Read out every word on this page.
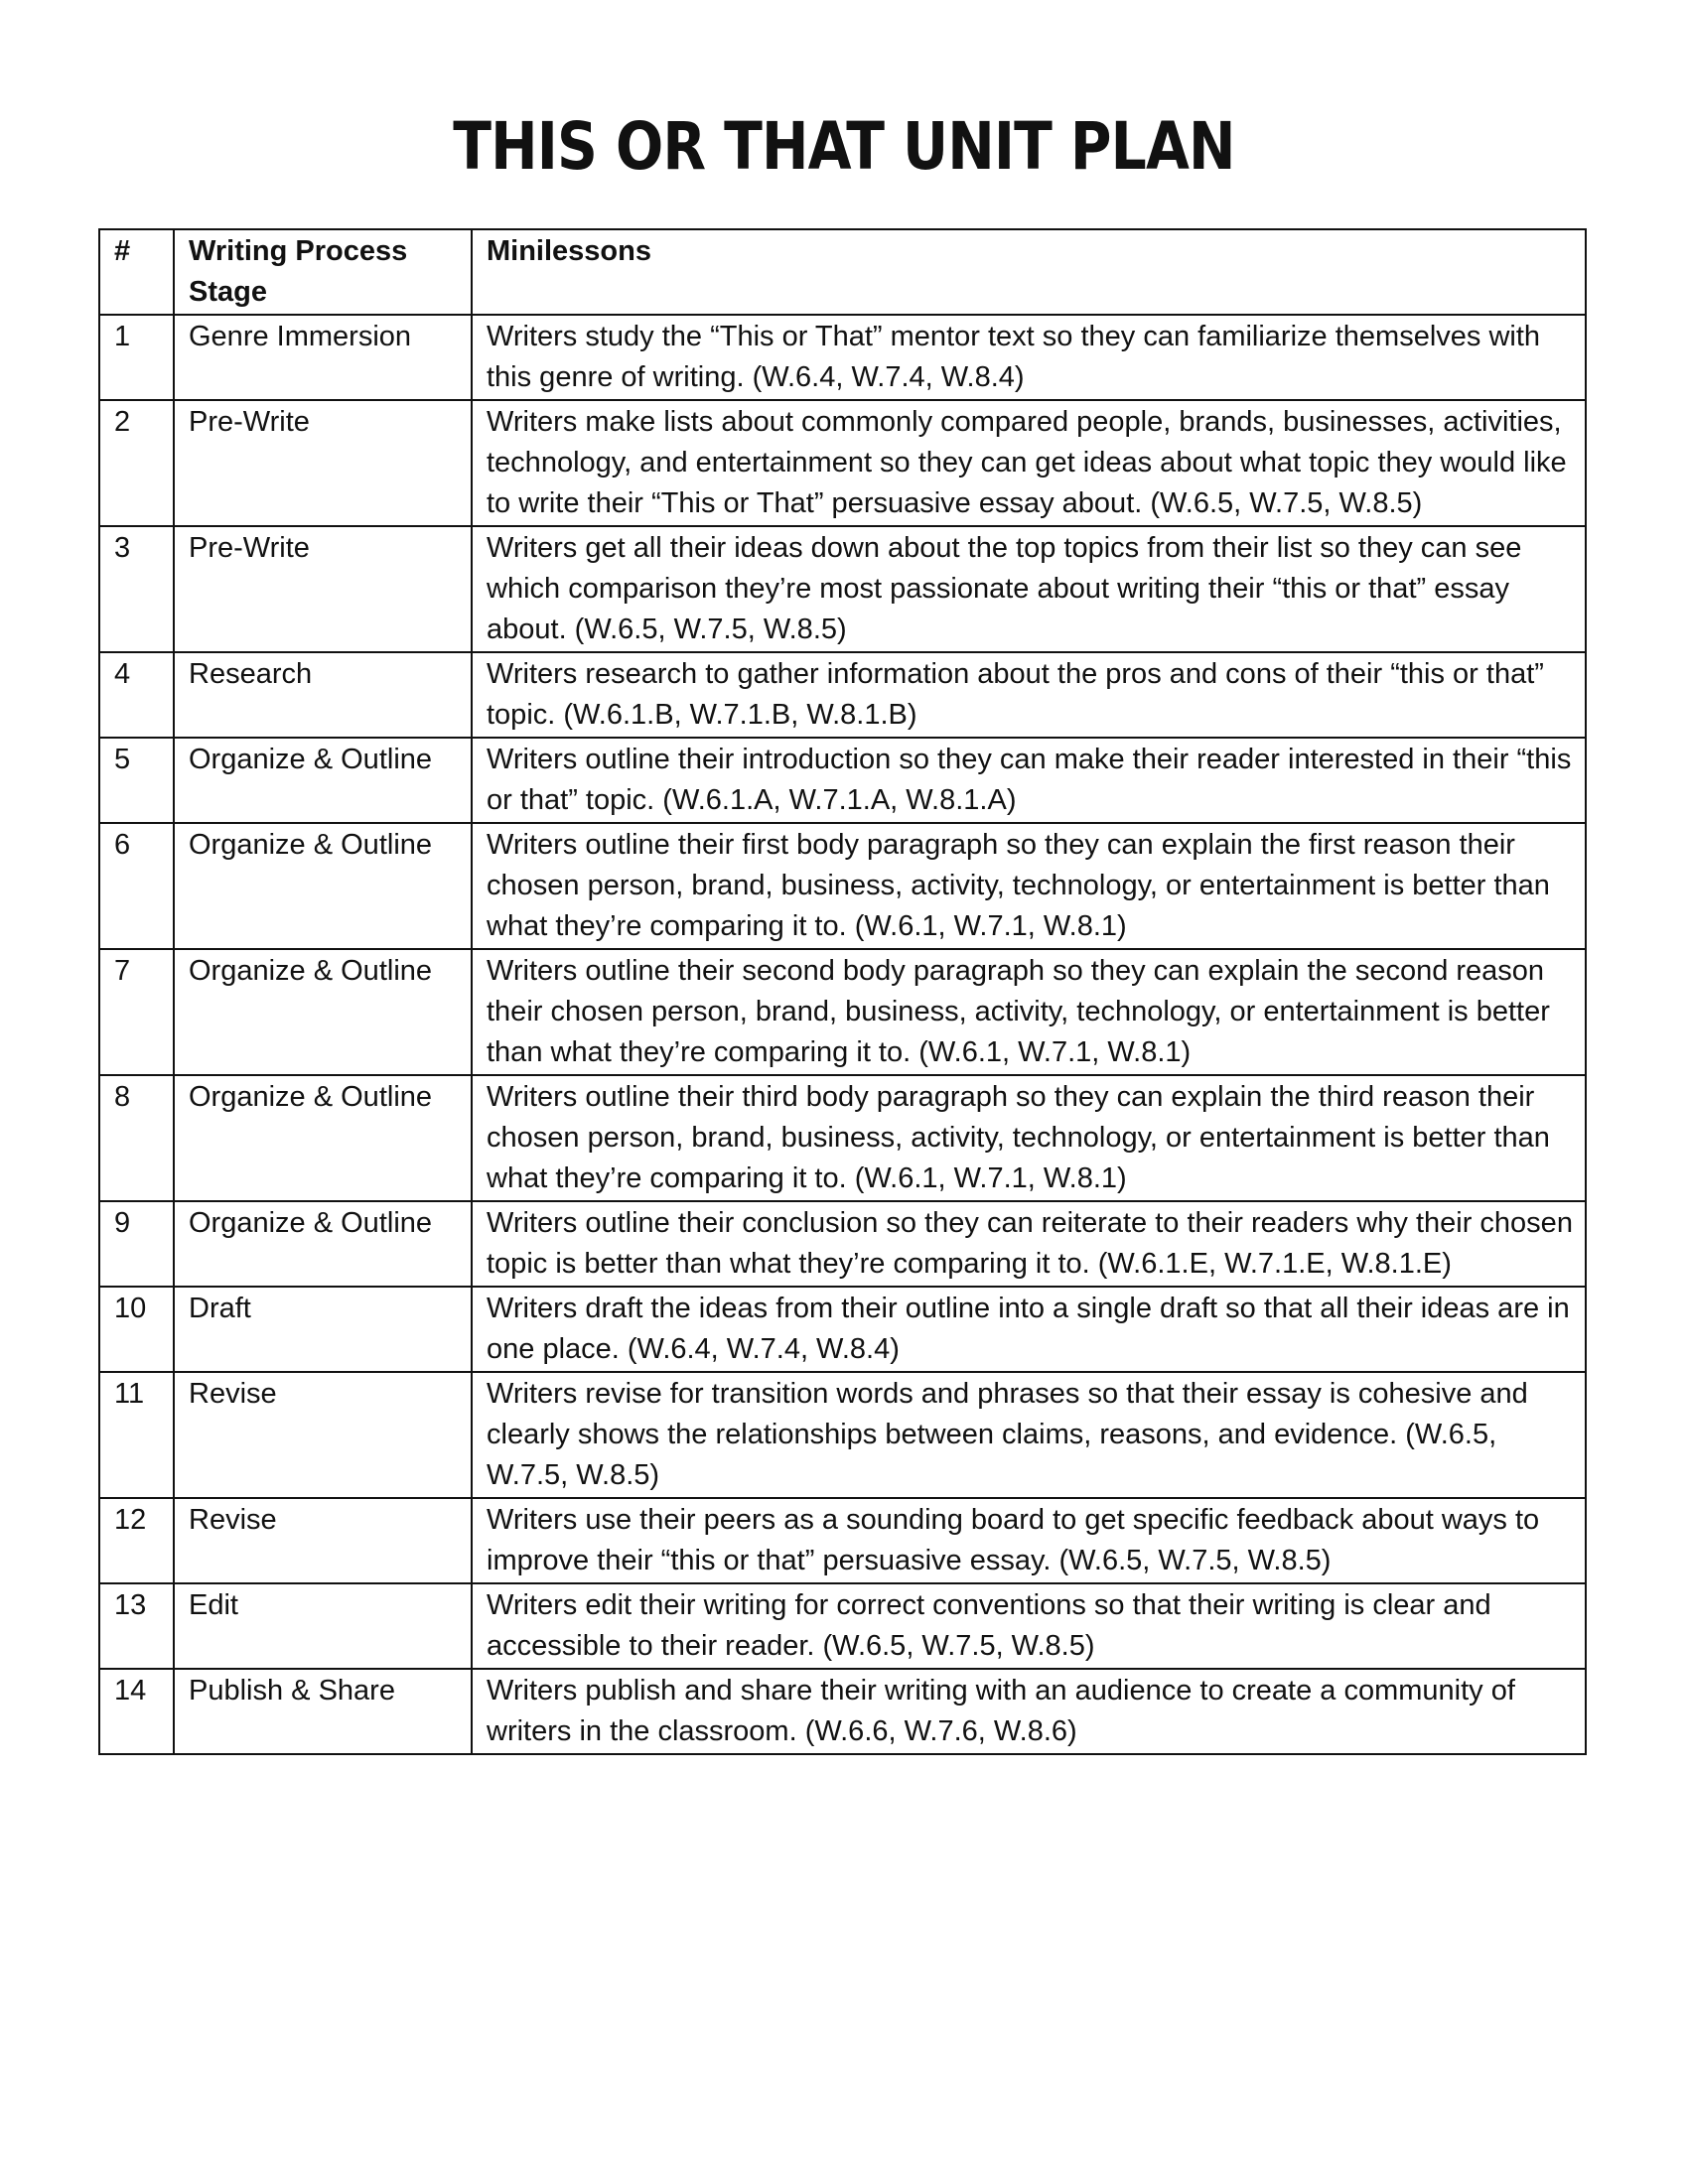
THIS OR THAT UNIT PLAN
#	Writing Process Stage	Minilessons
1	Genre Immersion	Writers study the “This or That” mentor text so they can familiarize themselves with this genre of writing. (W.6.4, W.7.4, W.8.4)
2	Pre-Write	Writers make lists about commonly compared people, brands, businesses, activities, technology, and entertainment so they can get ideas about what topic they would like to write their “This or That” persuasive essay about. (W.6.5, W.7.5, W.8.5)
3	Pre-Write	Writers get all their ideas down about the top topics from their list so they can see which comparison they’re most passionate about writing their “this or that” essay about. (W.6.5, W.7.5, W.8.5)
4	Research	Writers research to gather information about the pros and cons of their “this or that” topic. (W.6.1.B, W.7.1.B, W.8.1.B)
5	Organize & Outline	Writers outline their introduction so they can make their reader interested in their “this or that” topic. (W.6.1.A, W.7.1.A, W.8.1.A)
6	Organize & Outline	Writers outline their first body paragraph so they can explain the first reason their chosen person, brand, business, activity, technology, or entertainment is better than what they’re comparing it to. (W.6.1, W.7.1, W.8.1)
7	Organize & Outline	Writers outline their second body paragraph so they can explain the second reason their chosen person, brand, business, activity, technology, or entertainment is better than what they’re comparing it to. (W.6.1, W.7.1, W.8.1)
8	Organize & Outline	Writers outline their third body paragraph so they can explain the third reason their chosen person, brand, business, activity, technology, or entertainment is better than what they’re comparing it to. (W.6.1, W.7.1, W.8.1)
9	Organize & Outline	Writers outline their conclusion so they can reiterate to their readers why their chosen topic is better than what they’re comparing it to. (W.6.1.E, W.7.1.E, W.8.1.E)
10	Draft	Writers draft the ideas from their outline into a single draft so that all their ideas are in one place. (W.6.4, W.7.4, W.8.4)
11	Revise	Writers revise for transition words and phrases so that their essay is cohesive and clearly shows the relationships between claims, reasons, and evidence. (W.6.5, W.7.5, W.8.5)
12	Revise	Writers use their peers as a sounding board to get specific feedback about ways to improve their “this or that” persuasive essay. (W.6.5, W.7.5, W.8.5)
13	Edit	Writers edit their writing for correct conventions so that their writing is clear and accessible to their reader. (W.6.5, W.7.5, W.8.5)
14	Publish & Share	Writers publish and share their writing with an audience to create a community of writers in the classroom. (W.6.6, W.7.6, W.8.6)
